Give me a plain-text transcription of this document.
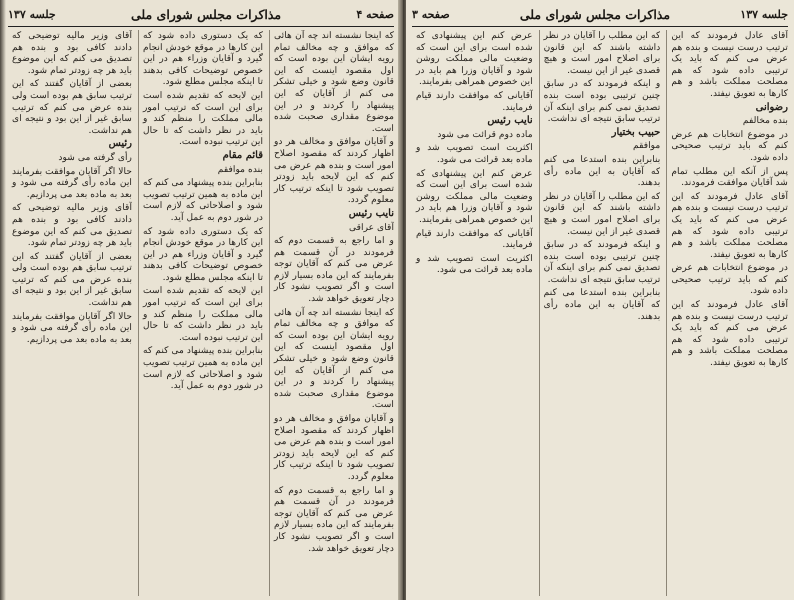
صفحه ۴
مذاکرات مجلس شورای ملی
جلسه ۱۳۷

که اینجا نشسته اند چه آن هائی که موافق و چه مخالف تمام رویه ایشان این بوده است که اول مقصود اینست که این قانون وضع شود و خیلی تشکر می کنم از آقایان که این پیشنهاد را کردند و در این موضوع مقداری صحبت شده است.

و آقایان موافق و مخالف هر دو اظهار کردند که مقصود اصلاح امور است و بنده هم عرض می کنم که این لایحه باید زودتر تصویب شود تا اینکه ترتیب کار معلوم گردد.

نایب رئیس

آقای عراقی

و اما راجع به قسمت دوم که فرمودند در آن قسمت هم عرض می کنم که آقایان توجه بفرمایند که این ماده بسیار لازم است و اگر تصویب نشود کار دچار تعویق خواهد شد.

که اینجا نشسته اند چه آن هائی که موافق و چه مخالف تمام رویه ایشان این بوده است که اول مقصود اینست که این قانون وضع شود و خیلی تشکر می کنم از آقایان که این پیشنهاد را کردند و در این موضوع مقداری صحبت شده است.

و آقایان موافق و مخالف هر دو اظهار کردند که مقصود اصلاح امور است و بنده هم عرض می کنم که این لایحه باید زودتر تصویب شود تا اینکه ترتیب کار معلوم گردد.

و اما راجع به قسمت دوم که فرمودند در آن قسمت هم عرض می کنم که آقایان توجه بفرمایند که این ماده بسیار لازم است و اگر تصویب نشود کار دچار تعویق خواهد شد.

که یک دستوری داده شود که این کارها در موقع خودش انجام گیرد و آقایان وزراء هم در این خصوص توضیحات کافی بدهند تا اینکه مجلس مطلع شود.

این لایحه که تقدیم شده است برای این است که ترتیب امور مالی مملکت را منظم کند و باید در نظر داشت که تا حال این ترتیب نبوده است.

قائم مقام

بنده موافقم

بنابراین بنده پیشنهاد می کنم که این ماده به همین ترتیب تصویب شود و اصلاحاتی که لازم است در شور دوم به عمل آید.

که یک دستوری داده شود که این کارها در موقع خودش انجام گیرد و آقایان وزراء هم در این خصوص توضیحات کافی بدهند تا اینکه مجلس مطلع شود.

این لایحه که تقدیم شده است برای این است که ترتیب امور مالی مملکت را منظم کند و باید در نظر داشت که تا حال این ترتیب نبوده است.

بنابراین بنده پیشنهاد می کنم که این ماده به همین ترتیب تصویب شود و اصلاحاتی که لازم است در شور دوم به عمل آید.

آقای وزیر مالیه توضیحی که دادند کافی بود و بنده هم تصدیق می کنم که این موضوع باید هر چه زودتر تمام شود.

بعضی از آقایان گفتند که این ترتیب سابق هم بوده است ولی بنده عرض می کنم که ترتیب سابق غیر از این بود و نتیجه ای هم نداشت.

رئیس

رأی گرفته می شود

حالا اگر آقایان موافقت بفرمایند این ماده رأی گرفته می شود و بعد به ماده بعد می پردازیم.

آقای وزیر مالیه توضیحی که دادند کافی بود و بنده هم تصدیق می کنم که این موضوع باید هر چه زودتر تمام شود.

بعضی از آقایان گفتند که این ترتیب سابق هم بوده است ولی بنده عرض می کنم که ترتیب سابق غیر از این بود و نتیجه ای هم نداشت.

حالا اگر آقایان موافقت بفرمایند این ماده رأی گرفته می شود و بعد به ماده بعد می پردازیم.

جلسه ۱۳۷
مذاکرات مجلس شورای ملی
صفحه ۳

آقای عادل فرمودند که این ترتیب درست نیست و بنده هم عرض می کنم که باید یک ترتیبی داده شود که هم مصلحت مملکت باشد و هم کارها به تعویق نیفتد.

رضوانی

بنده مخالفم

در موضوع انتخابات هم عرض کنم که باید ترتیب صحیحی داده شود.

پس از آنکه این مطلب تمام شد آقایان موافقت فرمودند.

آقای عادل فرمودند که این ترتیب درست نیست و بنده هم عرض می کنم که باید یک ترتیبی داده شود که هم مصلحت مملکت باشد و هم کارها به تعویق نیفتد.

در موضوع انتخابات هم عرض کنم که باید ترتیب صحیحی داده شود.

آقای عادل فرمودند که این ترتیب درست نیست و بنده هم عرض می کنم که باید یک ترتیبی داده شود که هم مصلحت مملکت باشد و هم کارها به تعویق نیفتد.

که این مطلب را آقایان در نظر داشته باشند که این قانون برای اصلاح امور است و هیچ قصدی غیر از این نیست.

و اینکه فرمودند که در سابق چنین ترتیبی بوده است بنده تصدیق نمی کنم برای اینکه آن ترتیب سابق نتیجه ای نداشت.

حبیب بختیار

موافقم

بنابراین بنده استدعا می کنم که آقایان به این ماده رأی بدهند.

که این مطلب را آقایان در نظر داشته باشند که این قانون برای اصلاح امور است و هیچ قصدی غیر از این نیست.

و اینکه فرمودند که در سابق چنین ترتیبی بوده است بنده تصدیق نمی کنم برای اینکه آن ترتیب سابق نتیجه ای نداشت.

بنابراین بنده استدعا می کنم که آقایان به این ماده رأی بدهند.

عرض کنم این پیشنهادی که شده است برای این است که وضعیت مالی مملکت روشن شود و آقایان وزرا هم باید در این خصوص همراهی بفرمایند.

آقایانی که موافقت دارند قیام فرمایند.

نایب رئیس

ماده دوم قرائت می شود

اکثریت است تصویب شد و ماده بعد قرائت می شود.

عرض کنم این پیشنهادی که شده است برای این است که وضعیت مالی مملکت روشن شود و آقایان وزرا هم باید در این خصوص همراهی بفرمایند.

آقایانی که موافقت دارند قیام فرمایند.

اکثریت است تصویب شد و ماده بعد قرائت می شود.
